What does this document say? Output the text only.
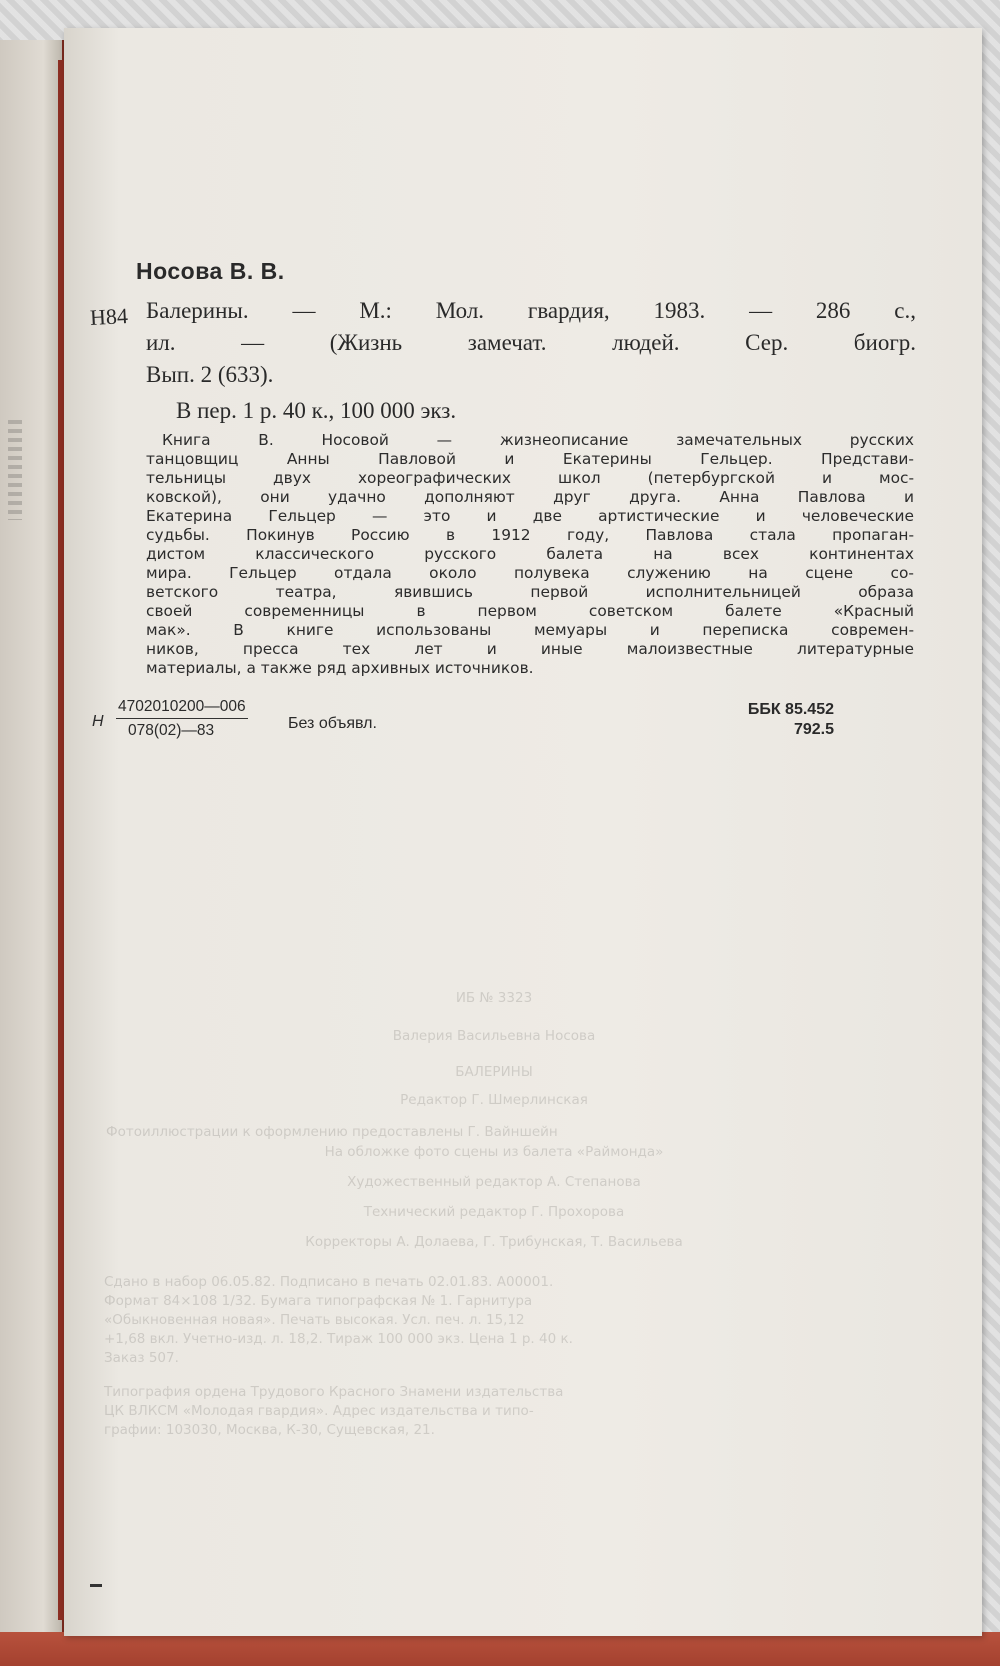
Носова В. В.
Н84 Балерины. — М.: Мол. гвардия, 1983. — 286 с.,
ил. — (Жизнь замечат. людей. Сер. биогр.
Вып. 2 (633).
В пер. 1 р. 40 к., 100 000 экз.
Книга В. Носовой — жизнеописание замечательных русских
танцовщиц Анны Павловой и Екатерины Гельцер. Представи-
тельницы двух хореографических школ (петербургской и мос-
ковской), они удачно дополняют друг друга. Анна Павлова и
Екатерина Гельцер — это и две артистические и человеческие
судьбы. Покинув Россию в 1912 году, Павлова стала пропаган-
дистом классического русского балета на всех континентах
мира. Гельцер отдала около полувека служению на сцене со-
ветского театра, явившись первой исполнительницей образа
своей современницы в первом советском балете «Красный
мак». В книге использованы мемуары и переписка современ-
ников, пресса тех лет и иные малоизвестные литературные
материалы, а также ряд архивных источников.
Н $\frac{4702010200—006}{078(02)—83}$	Без объявл.
ББК 85.452
792.5
ИБ № 3323
Валерия Васильевна Носова
БАЛЕРИНЫ
Редактор Г. Шмерлинская
Фотоиллюстрации к оформлению предоставлены Г. Вайншейн
На обложке фото сцены из балета «Раймонда»
Художественный редактор А. Степанова
Технический редактор Г. Прохорова
Корректоры А. Долаева, Г. Трибунская, Т. Васильева
Сдано в набор 06.05.82. Подписано в печать 02.01.83. А00001.
Формат 84×108 1/32. Бумага типографская № 1. Гарнитура
«Обыкновенная новая». Печать высокая. Усл. печ. л. 15,12
+1,68 вкл. Учетно-изд. л. 18,2. Тираж 100 000 экз. Цена 1 р. 40 к.
Заказ 507.
Типография ордена Трудового Красного Знамени издательства
ЦК ВЛКСМ «Молодая гвардия». Адрес издательства и типо-
графии: 103030, Москва, К-30, Сущевская, 21.
